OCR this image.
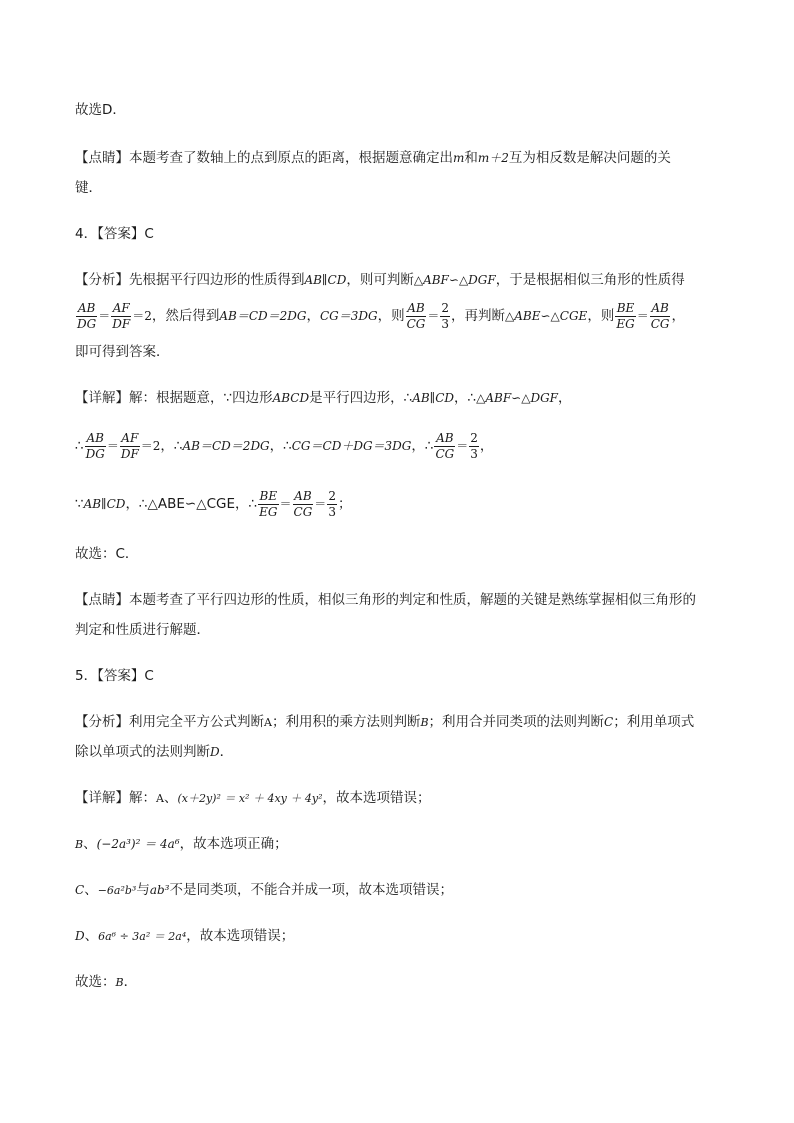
故选D．
【点睛】本题考查了数轴上的点到原点的距离，根据题意确定出m和m＋2互为相反数是解决问题的关
键．
4．【答案】C
【分析】先根据平行四边形的性质得到AB∥CD，则可判断△ABF∽△DGF，于是根据相似三角形的性质得
$\frac{AB}{DG} = \frac{AF}{DF} =2$，然后得到AB＝CD＝2DG，CG＝3DG，则 $\frac{AB}{CG} = \frac{2}{3}$ ，再判断△ABE∽△CGE，则 $\frac{BE}{EG} = \frac{AB}{CG}$ ，
即可得到答案．
【详解】解：根据题意，∵四边形ABCD是平行四边形，∴AB∥CD，∴△ABF∽△DGF，
∴ $\frac{AB}{DG} = \frac{AF}{DF} =2$，∴AB＝CD＝2DG，∴CG＝CD＋DG＝3DG，∴ $\frac{AB}{CG} = \frac{2}{3}$ ，
∵AB∥CD，∴△ABE∽△CGE，∴ $\frac{BE}{EG} = \frac{AB}{CG} = \frac{2}{3}$ ；
故选：C．
【点睛】本题考查了平行四边形的性质，相似三角形的判定和性质，解题的关键是熟练掌握相似三角形的
判定和性质进行解题．
5．【答案】C
【分析】利用完全平方公式判断A；利用积的乘方法则判断B；利用合并同类项的法则判断C；利用单项式
除以单项式的法则判断D．
【详解】解：A、(x＋2y)² ＝ x² ＋ 4xy ＋ 4y²，故本选项错误；
B、(−2a³)² ＝ 4a⁶，故本选项正确；
C、−6a²b³与ab³不是同类项，不能合并成一项，故本选项错误；
D、6a⁶ ÷ 3a² ＝ 2a⁴，故本选项错误；
故选：B．
